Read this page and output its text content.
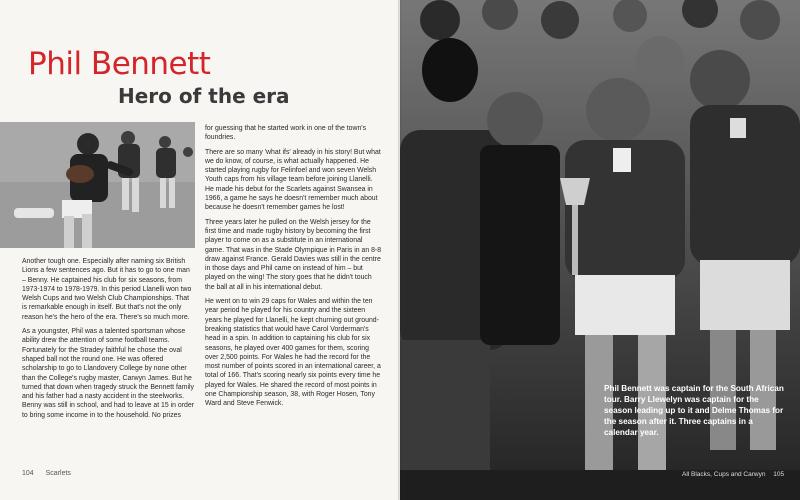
Phil Bennett
Hero of the era

Another tough one. Especially after naming six British Lions a few sentences ago. But it has to go to one man – Benny. He captained his club for six seasons, from 1973-1974 to 1978-1979. In this period Llanelli won two Welsh Cups and two Welsh Club Championships. That is remarkable enough in itself. But that's not the only reason he's the hero of the era. There's so much more.

As a youngster, Phil was a talented sportsman whose ability drew the attention of some football teams. Fortunately for the Stradey faithful he chose the oval shaped ball not the round one. He was offered scholarship to go to Llandovery College by none other than the College's rugby master, Carwyn James. But he turned that down when tragedy struck the Bennett family and his father had a nasty accident in the steelworks. Benny was still in school, and had to leave at 15 in order to bring some income in to the household. No prizes

for guessing that he started work in one of the town's foundries.

There are so many 'what ifs' already in his story! But what we do know, of course, is what actually happened. He started playing rugby for Felinfoel and won seven Welsh Youth caps from his village team before joining Llanelli. He made his debut for the Scarlets against Swansea in 1966, a game he says he doesn't remember much about because he doesn't remember games he lost!

Three years later he pulled on the Welsh jersey for the first time and made rugby history by becoming the first player to come on as a substitute in an international game. That was in the Stade Olympique in Paris in an 8-8 draw against France. Gerald Davies was still in the centre in those days and Phil came on instead of him – but played on the wing! The story goes that he didn't touch the ball at all in his international debut.

He went on to win 29 caps for Wales and within the ten year period he played for his country and the sixteen years he played for Llanelli, he kept churning out ground-breaking statistics that would have Carol Vorderman's head in a spin. In addition to captaining his club for six seasons, he played over 400 games for them, scoring over 2,500 points. For Wales he had the record for the most number of points scored in an international career, a total of 166. That's scoring nearly six points every time he played for Wales. He shared the record of most points in one Championship season, 38, with Roger Hosen, Tony Ward and Steve Fenwick.

104 Scarlets
Phil Bennett was captain for the South African tour. Barry Llewelyn was captain for the season leading up to it and Delme Thomas for the season after it. Three captains in a calendar year.
All Blacks, Cups and Carwyn 105
